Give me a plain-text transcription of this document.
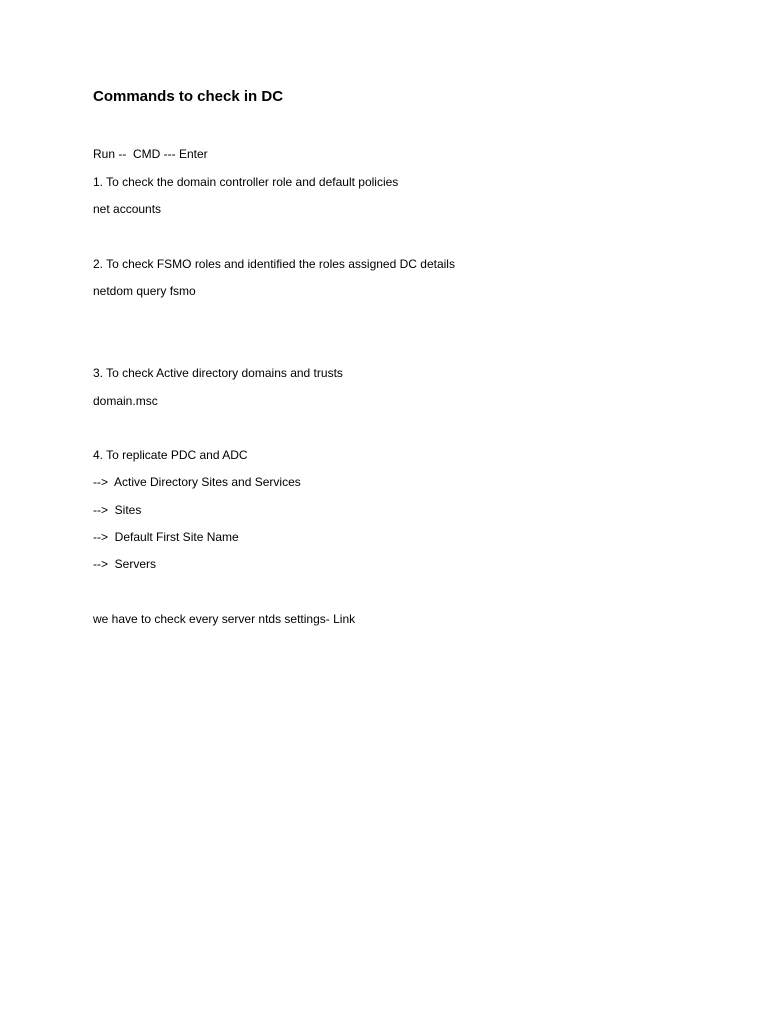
Commands to check in DC

Run --  CMD --- Enter

1. To check the domain controller role and default policies

net accounts

2. To check FSMO roles and identified the roles assigned DC details

netdom query fsmo

3. To check Active directory domains and trusts

domain.msc

4. To replicate PDC and ADC

-->  Active Directory Sites and Services

-->  Sites

-->  Default First Site Name

-->  Servers

we have to check every server ntds settings- Link
